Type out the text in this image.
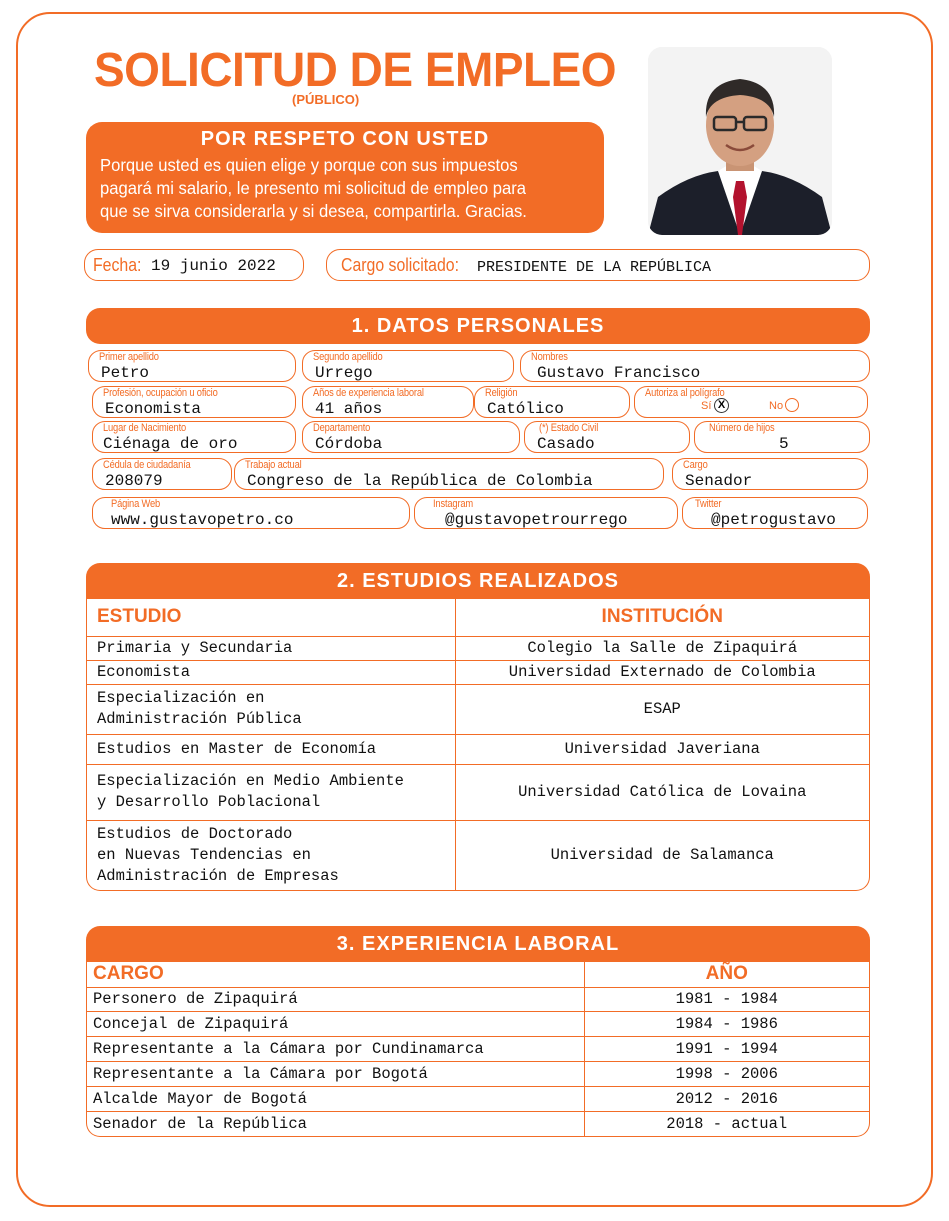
SOLICITUD DE EMPLEO
(PÚBLICO)
POR RESPETO CON USTED
Porque usted es quien elige y porque con sus impuestos
pagará mi salario, le presento mi solicitud de empleo para
que se sirva considerarla y si desea, compartirla. Gracias.
Fecha: 19 junio 2022	Cargo solicitado: PRESIDENTE DE LA REPÚBLICA
1. DATOS PERSONALES
Primer apellido
Petro
Segundo apellido
Urrego
Nombres
Gustavo Francisco
Profesión, ocupación u oficio
Economista
Años de experiencia laboral
41 años
Religión
Católico
Autoriza al polígrafo
Sí X	No
Lugar de Nacimiento
Ciénaga de oro
Departamento
Córdoba
(*) Estado Civil
Casado
Número de hijos
5
Cédula de ciudadanía
208079
Trabajo actual
Congreso de la República de Colombia
Cargo
Senador
Página Web
www.gustavopetro.co
Instagram
@gustavopetrourrego
Twitter
@petrogustavo
2. ESTUDIOS REALIZADOS
ESTUDIO	INSTITUCIÓN
Primaria y Secundaria	Colegio la Salle de Zipaquirá
Economista	Universidad Externado de Colombia

Especialización en
Administración Pública	ESAP
Estudios en Master de Economía	Universidad Javeriana

Especialización en Medio Ambiente
y Desarrollo Poblacional	Universidad Católica de Lovaina

Estudios de Doctorado
en Nuevas Tendencias en
Administración de Empresas	Universidad de Salamanca
3. EXPERIENCIA LABORAL
CARGO	AÑO
Personero de Zipaquirá	1981 - 1984
Concejal de Zipaquirá	1984 - 1986
Representante a la Cámara por Cundinamarca	1991 - 1994
Representante a la Cámara por Bogotá	1998 - 2006
Alcalde Mayor de Bogotá	2012 - 2016
Senador de la República	2018 - actual
